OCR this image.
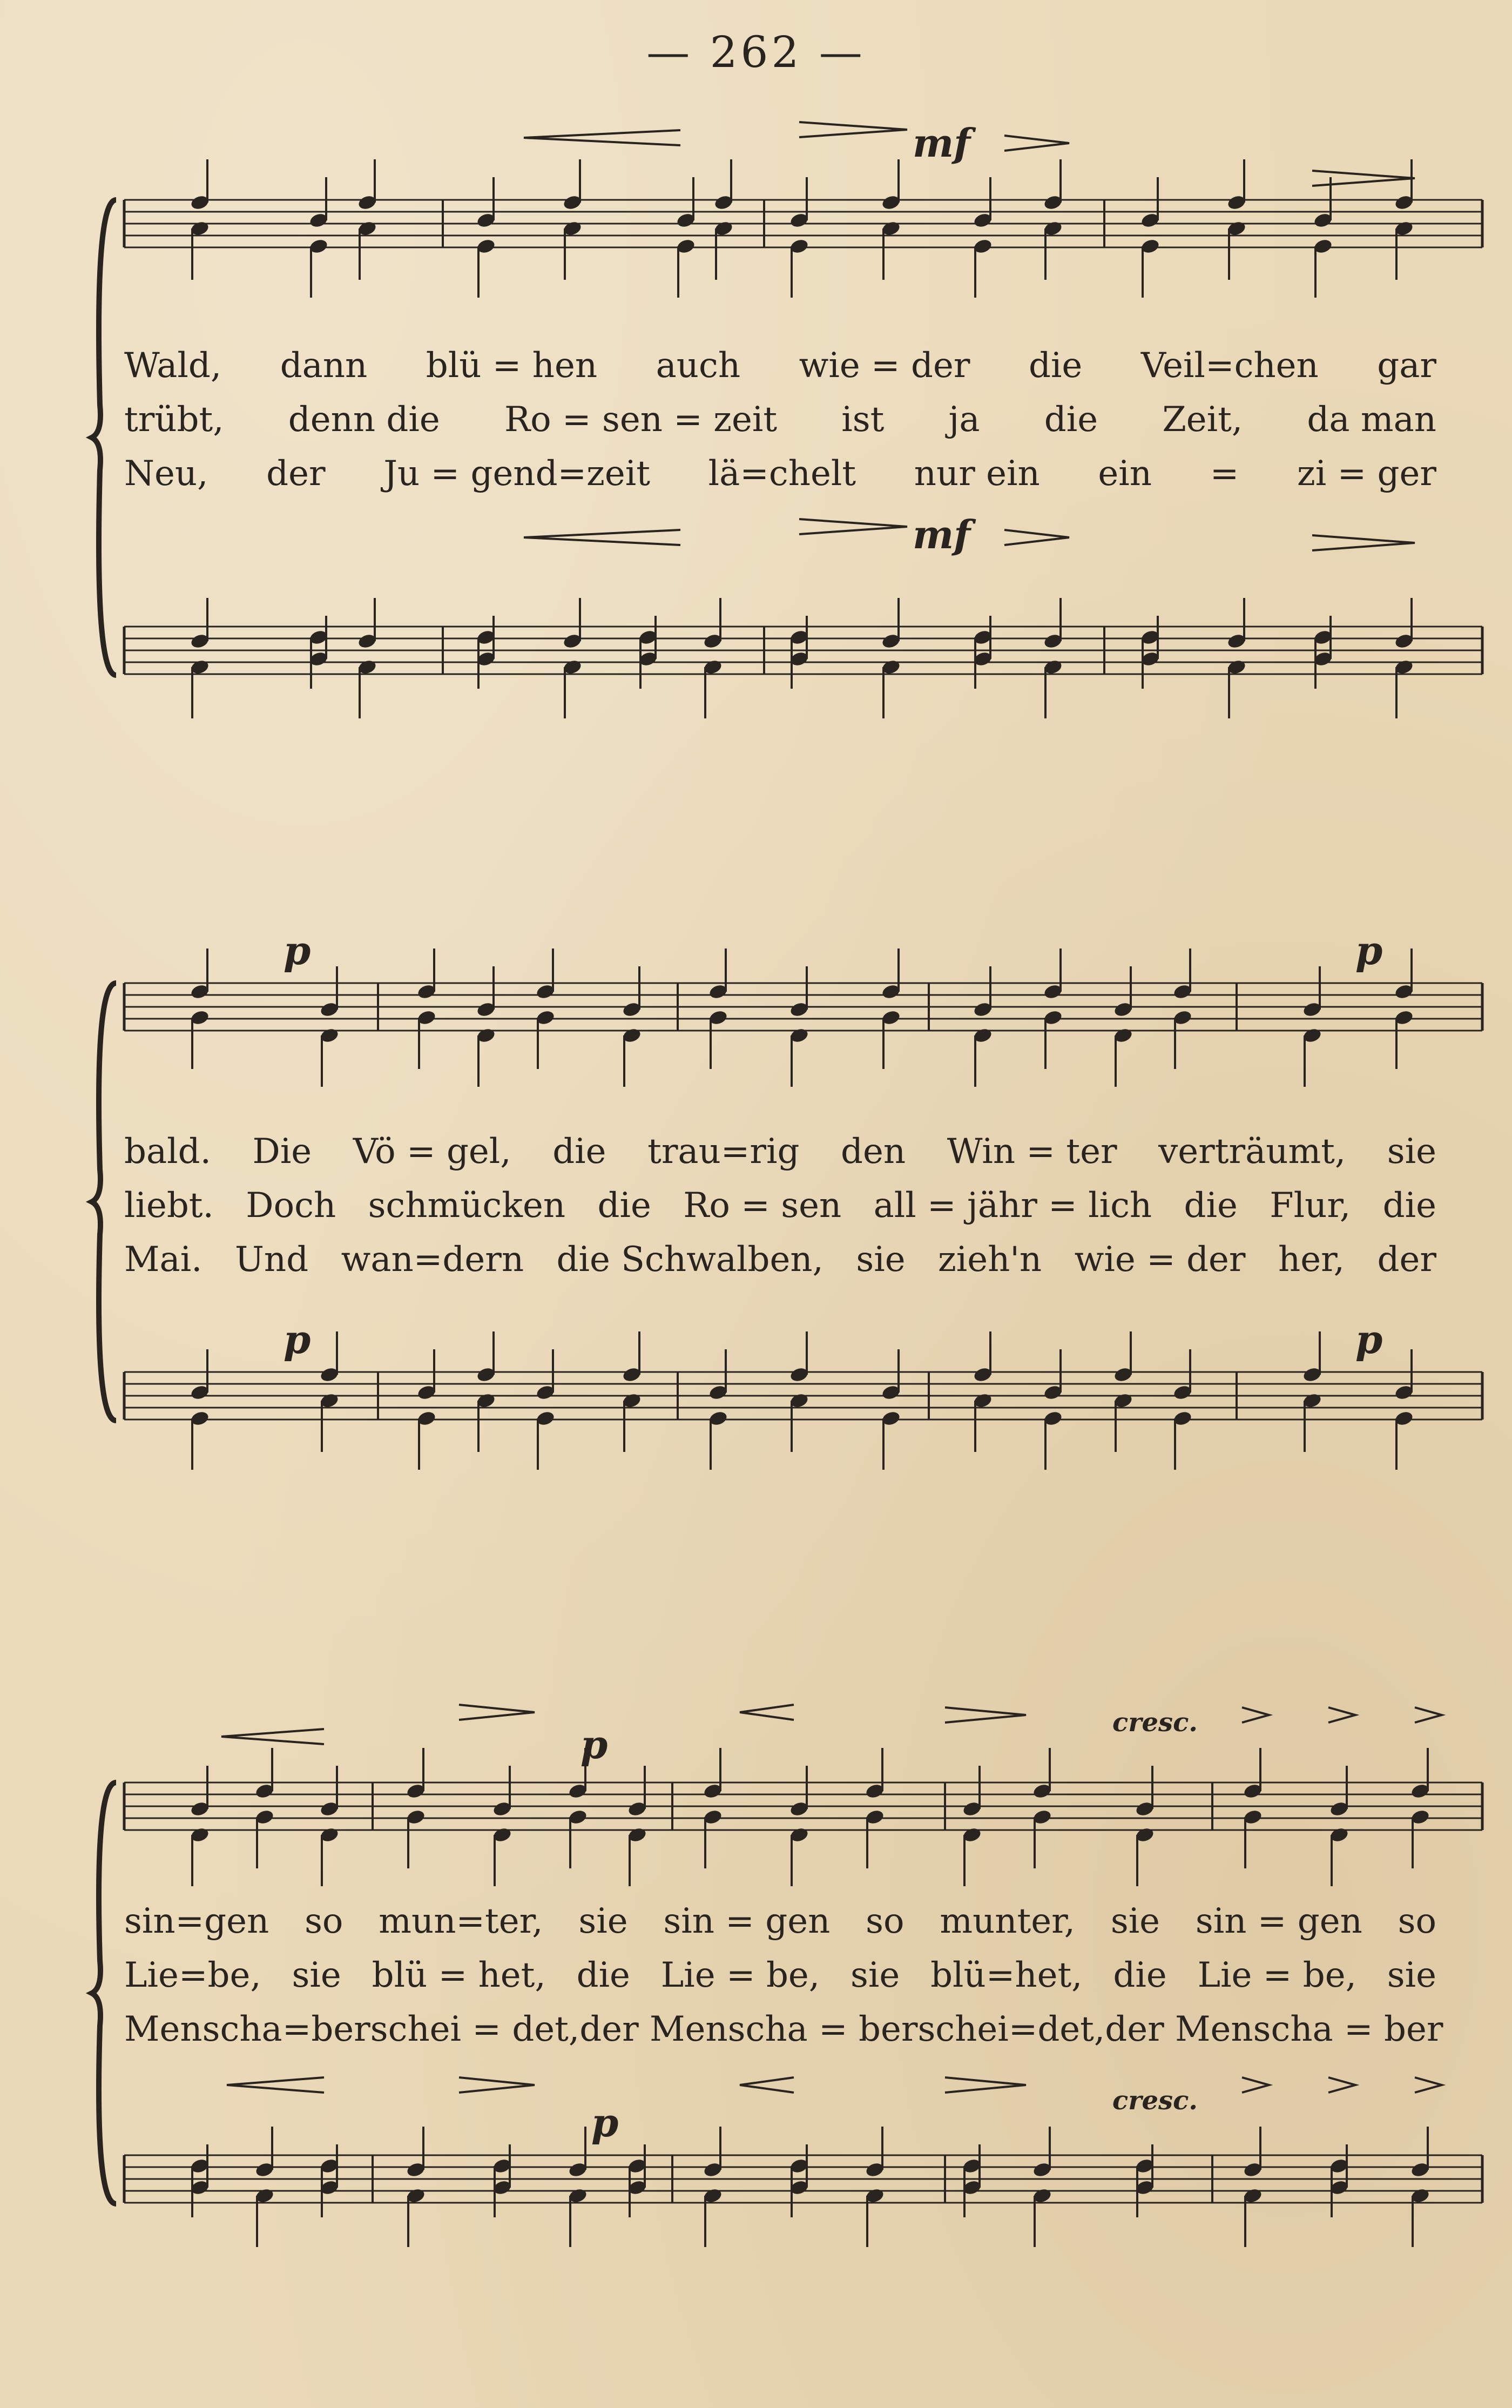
— 262 —
mf
mf
p	p
p	p
p	cresc.
p	cresc.
Wald, dann blü = hen auch wie = der die Veil=chen gar
trübt, denn die Ro = sen = zeit ist ja die Zeit, da man
Neu, der Ju = gend=zeit lä=chelt nur ein ein = zi = ger
bald. Die Vö = gel, die trau=rig den Win = ter verträumt, sie
liebt. Doch schmücken die Ro = sen all = jähr = lich die Flur, die
Mai. Und wan=dern die Schwalben, sie zieh'n wie = der her, der
sin=gen so mun=ter, sie sin = gen so munter, sie sin = gen so
Lie=be, sie blü = het, die Lie = be, sie blü=het, die Lie = be, sie
Mensch a=ber schei = det, der Mensch a = ber schei=det, der Mensch a = ber
